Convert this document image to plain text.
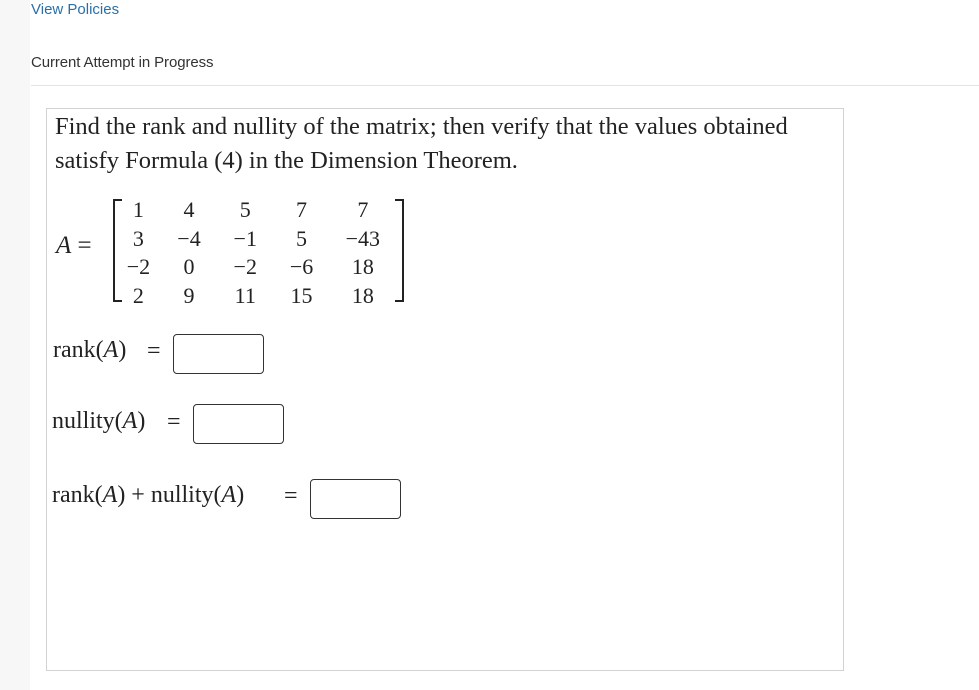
View Policies
Current Attempt in Progress

Find the rank and nullity of the matrix; then verify that the values obtained satisfy Formula (4) in the Dimension Theorem.

A =
1	4	5	7	7
3	−4	−1	5	−43
−2	0	−2	−6	18
2	9	11	15	18
rank(A) =
nullity(A) =
rank(A) + nullity(A) =
